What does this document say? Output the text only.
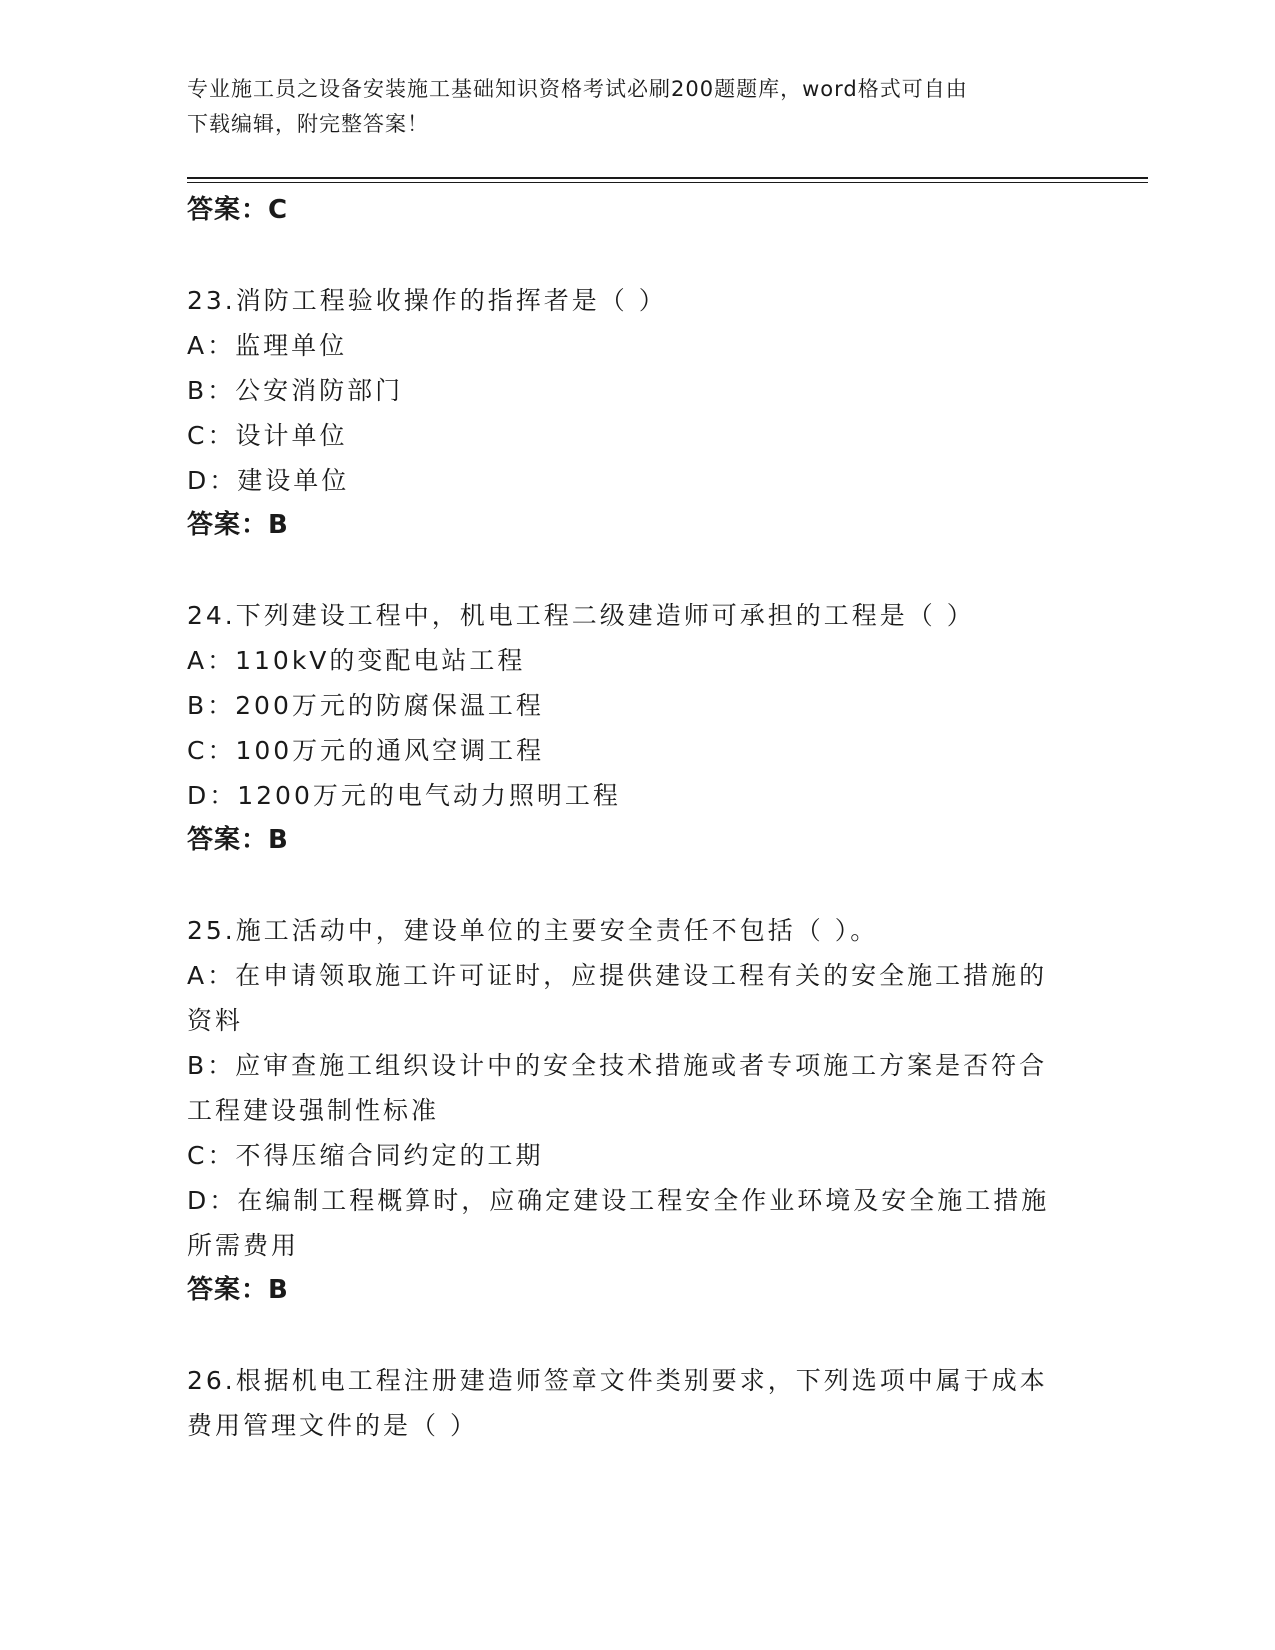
专业施工员之设备安装施工基础知识资格考试必刷200题题库，word格式可自由
下载编辑，附完整答案！
答案：C
23.消防工程验收操作的指挥者是（ ）
A：监理单位
B：公安消防部门
C：设计单位
D：建设单位
答案：B
24.下列建设工程中，机电工程二级建造师可承担的工程是（ ）
A：110kV的变配电站工程
B：200万元的防腐保温工程
C：100万元的通风空调工程
D：1200万元的电气动力照明工程
答案：B
25.施工活动中，建设单位的主要安全责任不包括（ ）。
A：在申请领取施工许可证时，应提供建设工程有关的安全施工措施的
资料
B：应审查施工组织设计中的安全技术措施或者专项施工方案是否符合
工程建设强制性标准
C：不得压缩合同约定的工期
D：在编制工程概算时，应确定建设工程安全作业环境及安全施工措施
所需费用
答案：B
26.根据机电工程注册建造师签章文件类别要求，下列选项中属于成本
费用管理文件的是（ ）
